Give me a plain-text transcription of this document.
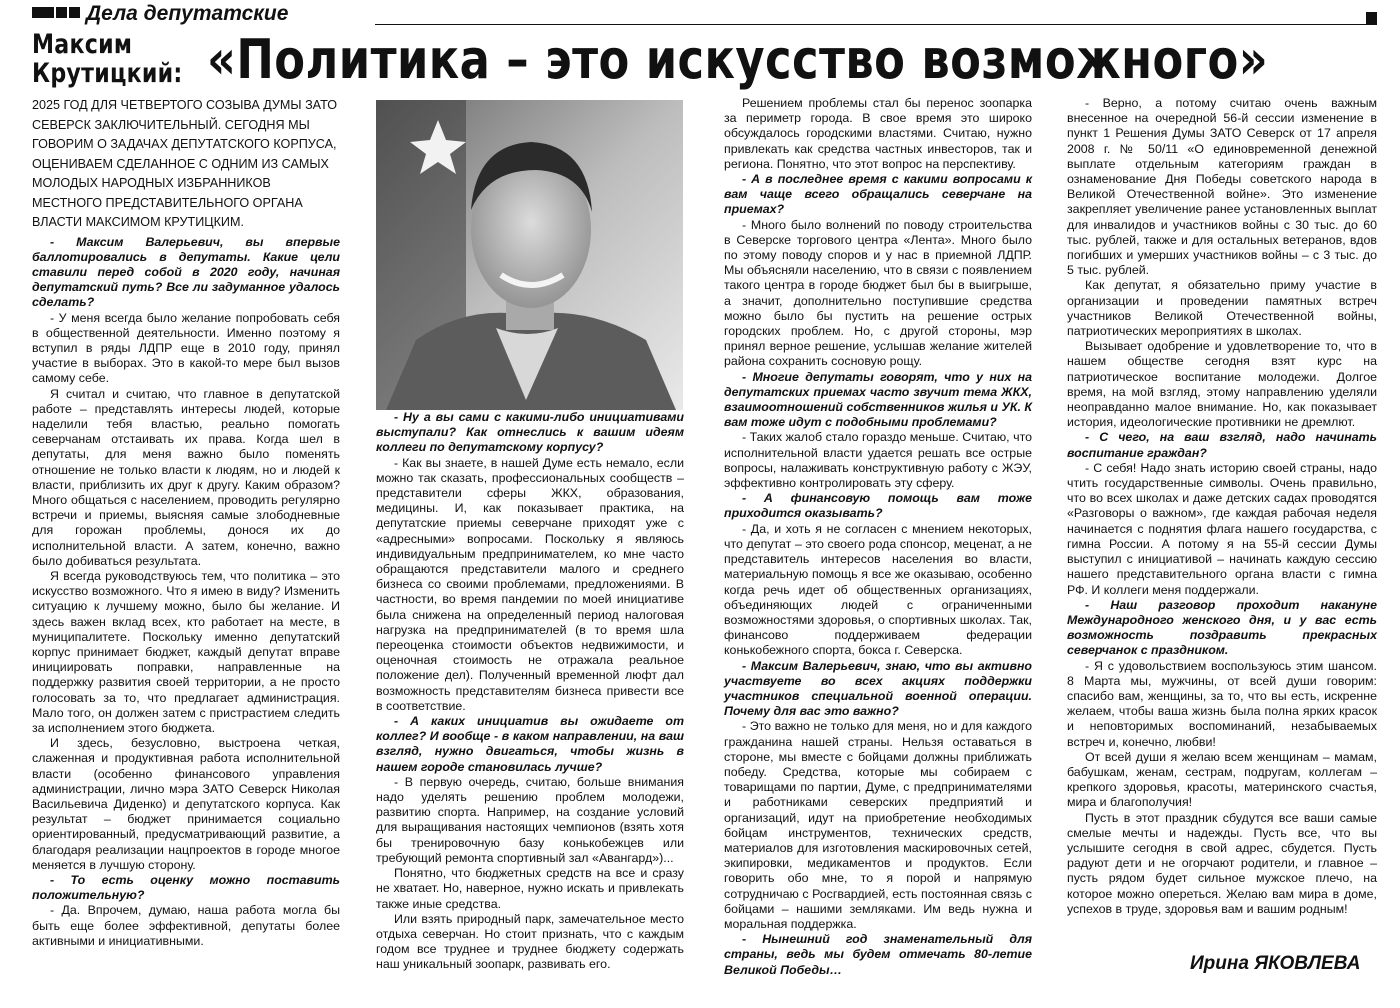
Дела депутатские
Максим Крутицкий: «Политика – это искусство возможного»

2025 ГОД ДЛЯ ЧЕТВЕРТОГО СОЗЫВА ДУМЫ ЗАТО СЕВЕРСК ЗАКЛЮЧИТЕЛЬНЫЙ. СЕГОДНЯ МЫ ГОВОРИМ О ЗАДАЧАХ ДЕПУТАТСКОГО КОРПУСА, ОЦЕНИВАЕМ СДЕЛАННОЕ С ОДНИМ ИЗ САМЫХ МОЛОДЫХ НАРОДНЫХ ИЗБРАННИКОВ МЕСТНОГО ПРЕДСТАВИТЕЛЬНОГО ОРГАНА ВЛАСТИ МАКСИМОМ КРУТИЦКИМ.

- Максим Валерьевич, вы впервые баллотировались в депутаты. Какие цели ставили перед собой в 2020 году, начиная депутатский путь? Все ли задуманное удалось сделать?

- У меня всегда было желание попробовать себя в общественной деятельности. Именно поэтому я вступил в ряды ЛДПР еще в 2010 году, принял участие в выборах. Это в какой-то мере был вызов самому себе.

Я считал и считаю, что главное в депутатской работе – представлять интересы людей, которые наделили тебя властью, реально помогать северчанам отстаивать их права. Когда шел в депутаты, для меня важно было поменять отношение не только власти к людям, но и людей к власти, приблизить их друг к другу. Каким образом? Много общаться с населением, проводить регулярно встречи и приемы, выясняя самые злободневные для горожан проблемы, донося их до исполнительной власти. А затем, конечно, важно было добиваться результата.

Я всегда руководствуюсь тем, что политика – это искусство возможного. Что я имею в виду? Изменить ситуацию к лучшему можно, было бы желание. И здесь важен вклад всех, кто работает на месте, в муниципалитете. Поскольку именно депутатский корпус принимает бюджет, каждый депутат вправе инициировать поправки, направленные на поддержку развития своей территории, а не просто голосовать за то, что предлагает администрация. Мало того, он должен затем с пристрастием следить за исполнением этого бюджета.

И здесь, безусловно, выстроена четкая, слаженная и продуктивная работа исполнительной власти (особенно финансового управления администрации, лично мэра ЗАТО Северск Николая Васильевича Диденко) и депутатского корпуса. Как результат – бюджет принимается социально ориентированный, предусматривающий развитие, а благодаря реализации нацпроектов в городе многое меняется в лучшую сторону.

- То есть оценку можно поставить положительную?

- Да. Впрочем, думаю, наша работа могла бы быть еще более эффективной, депутаты более активными и инициативными.

- Ну а вы сами с какими-либо инициативами выступали? Как отнеслись к вашим идеям коллеги по депутатскому корпусу?

- Как вы знаете, в нашей Думе есть немало, если можно так сказать, профессиональных сообществ – представители сферы ЖКХ, образования, медицины. И, как показывает практика, на депутатские приемы северчане приходят уже с «адресными» вопросами. Поскольку я являюсь индивидуальным предпринимателем, ко мне часто обращаются представители малого и среднего бизнеса со своими проблемами, предложениями. В частности, во время пандемии по моей инициативе была снижена на определенный период налоговая нагрузка на предпринимателей (в то время шла переоценка стоимости объектов недвижимости, и оценочная стоимость не отражала реальное положение дел). Полученный временной люфт дал возможность представителям бизнеса привести все в соответствие.

- А каких инициатив вы ожидаете от коллег? И вообще - в каком направлении, на ваш взгляд, нужно двигаться, чтобы жизнь в нашем городе становилась лучше?

- В первую очередь, считаю, больше внимания надо уделять решению проблем молодежи, развитию спорта. Например, на создание условий для выращивания настоящих чемпионов (взять хотя бы тренировочную базу конькобежцев или требующий ремонта спортивный зал «Авангард»)...

Понятно, что бюджетных средств на все и сразу не хватает. Но, наверное, нужно искать и привлекать также иные средства.

Или взять природный парк, замечательное место отдыха северчан. Но стоит признать, что с каждым годом все труднее и труднее бюджету содержать наш уникальный зоопарк, развивать его.

Решением проблемы стал бы перенос зоопарка за периметр города. В свое время это широко обсуждалось городскими властями. Считаю, нужно привлекать как средства частных инвесторов, так и региона. Понятно, что этот вопрос на перспективу.

- А в последнее время с какими вопросами к вам чаще всего обращались северчане на приемах?

- Много было волнений по поводу строительства в Северске торгового центра «Лента». Много было по этому поводу споров и у нас в приемной ЛДПР. Мы объясняли населению, что в связи с появлением такого центра в городе бюджет был бы в выигрыше, а значит, дополнительно поступившие средства можно было бы пустить на решение острых городских проблем. Но, с другой стороны, мэр принял верное решение, услышав желание жителей района сохранить сосновую рощу.

- Многие депутаты говорят, что у них на депутатских приемах часто звучит тема ЖКХ, взаимоотношений собственников жилья и УК. К вам тоже идут с подобными проблемами?

- Таких жалоб стало гораздо меньше. Считаю, что исполнительной власти удается решать все острые вопросы, налаживать конструктивную работу с ЖЭУ, эффективно контролировать эту сферу.

- А финансовую помощь вам тоже приходится оказывать?

- Да, и хоть я не согласен с мнением некоторых, что депутат – это своего рода спонсор, меценат, а не представитель интересов населения во власти, материальную помощь я все же оказываю, особенно когда речь идет об общественных организациях, объединяющих людей с ограниченными возможностями здоровья, о спортивных школах. Так, финансово поддерживаем федерации конькобежного спорта, бокса г. Северска.

- Максим Валерьевич, знаю, что вы активно участвуете во всех акциях поддержки участников специальной военной операции. Почему для вас это важно?

- Это важно не только для меня, но и для каждого гражданина нашей страны. Нельзя оставаться в стороне, мы вместе с бойцами должны приближать победу. Средства, которые мы собираем с товарищами по партии, Думе, с предпринимателями и работниками северских предприятий и организаций, идут на приобретение необходимых бойцам инструментов, технических средств, материалов для изготовления маскировочных сетей, экипировки, медикаментов и продуктов. Если говорить обо мне, то я порой и напрямую сотрудничаю с Росгвардией, есть постоянная связь с бойцами – нашими земляками. Им ведь нужна и моральная поддержка.

- Нынешний год знаменательный для страны, ведь мы будем отмечать 80-летие Великой Победы…

- Верно, а потому считаю очень важным внесенное на очередной 56-й сессии изменение в пункт 1 Решения Думы ЗАТО Северск от 17 апреля 2008 г. № 50/11 «О единовременной денежной выплате отдельным категориям граждан в ознаменование Дня Победы советского народа в Великой Отечественной войне». Это изменение закрепляет увеличение ранее установленных выплат для инвалидов и участников войны с 30 тыс. до 60 тыс. рублей, также и для остальных ветеранов, вдов погибших и умерших участников войны – с 3 тыс. до 5 тыс. рублей.

Как депутат, я обязательно приму участие в организации и проведении памятных встреч участников Великой Отечественной войны, патриотических мероприятиях в школах.

Вызывает одобрение и удовлетворение то, что в нашем обществе сегодня взят курс на патриотическое воспитание молодежи. Долгое время, на мой взгляд, этому направлению уделяли неоправданно малое внимание. Но, как показывает история, идеологические противники не дремлют.

- С чего, на ваш взгляд, надо начинать воспитание граждан?

- С себя! Надо знать историю своей страны, надо чтить государственные символы. Очень правильно, что во всех школах и даже детских садах проводятся «Разговоры о важном», где каждая рабочая неделя начинается с поднятия флага нашего государства, с гимна России. А потому я на 55-й сессии Думы выступил с инициативой – начинать каждую сессию нашего представительного органа власти с гимна РФ. И коллеги меня поддержали.

- Наш разговор проходит накануне Международного женского дня, и у вас есть возможность поздравить прекрасных северчанок с праздником.

- Я с удовольствием воспользуюсь этим шансом. 8 Марта мы, мужчины, от всей души говорим: спасибо вам, женщины, за то, что вы есть, искренне желаем, чтобы ваша жизнь была полна ярких красок и неповторимых воспоминаний, незабываемых встреч и, конечно, любви!

От всей души я желаю всем женщинам – мамам, бабушкам, женам, сестрам, подругам, коллегам – крепкого здоровья, красоты, материнского счастья, мира и благополучия!

Пусть в этот праздник сбудутся все ваши самые смелые мечты и надежды. Пусть все, что вы услышите сегодня в свой адрес, сбудется. Пусть радуют дети и не огорчают родители, и главное – пусть рядом будет сильное мужское плечо, на которое можно опереться. Желаю вам мира в доме, успехов в труде, здоровья вам и вашим родным!

Ирина ЯКОВЛЕВА
